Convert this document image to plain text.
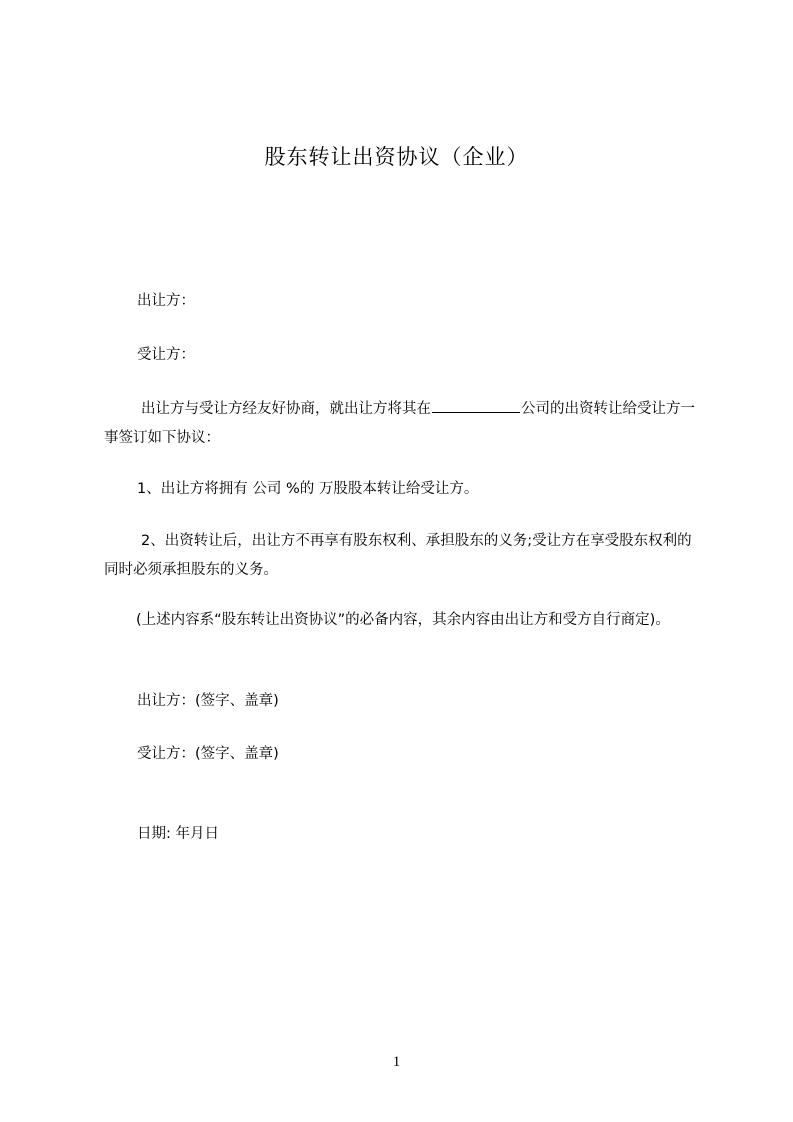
股东转让出资协议（企业）
出让方：
受让方：
出让方与受让方经友好协商，就出让方将其在	公司的出资转让给受让方一事签订如下协议：
1、出让方将拥有 公司 %的 万股股本转让给受让方。
2、出资转让后，出让方不再享有股东权利、承担股东的义务;受让方在享受股东权利的同时必须承担股东的义务。
(上述内容系“股东转让出资协议”的必备内容，其余内容由出让方和受方自行商定)。
出让方：(签字、盖章)
受让方：(签字、盖章)
日期: 年月日
1
